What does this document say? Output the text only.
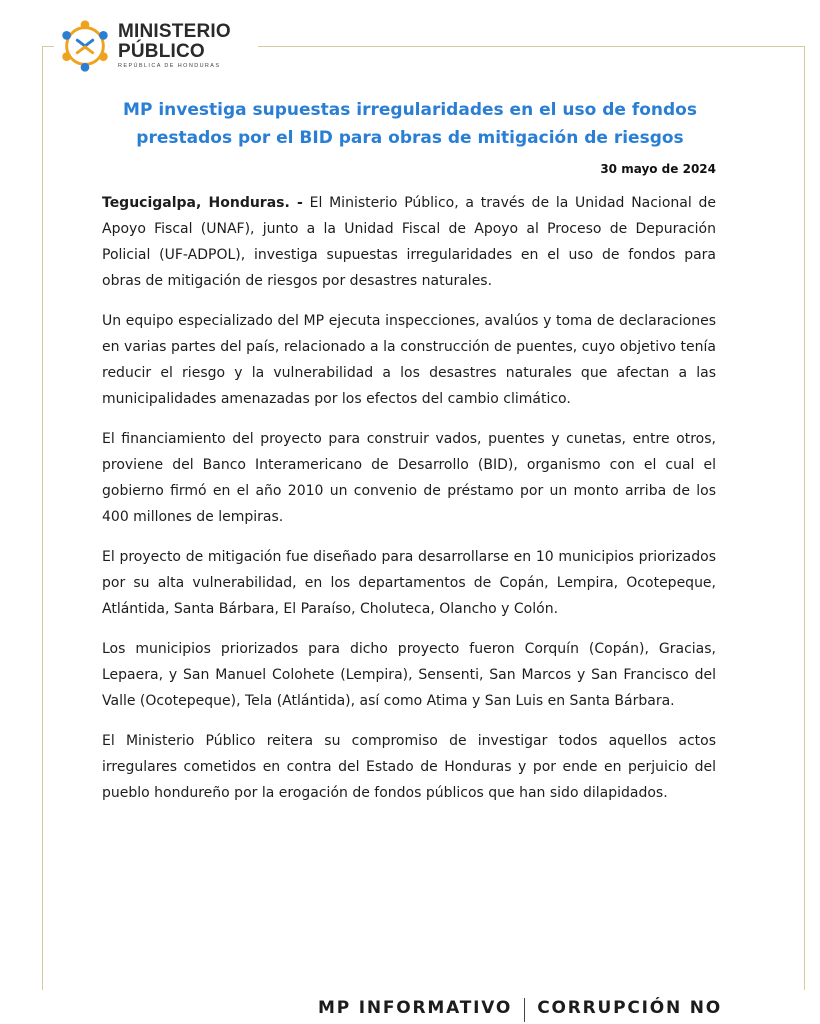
MINISTERIO
PÚBLICO
REPÚBLICA DE HONDURAS
MP investiga supuestas irregularidades en el uso de fondos prestados por el BID para obras de mitigación de riesgos
30 mayo de 2024

Tegucigalpa, Honduras. - El Ministerio Público, a través de la Unidad Nacional de Apoyo Fiscal (UNAF), junto a la Unidad Fiscal de Apoyo al Proceso de Depuración Policial (UF-ADPOL), investiga supuestas irregularidades en el uso de fondos para obras de mitigación de riesgos por desastres naturales.

Un equipo especializado del MP ejecuta inspecciones, avalúos y toma de declaraciones en varias partes del país, relacionado a la construcción de puentes, cuyo objetivo tenía reducir el riesgo y la vulnerabilidad a los desastres naturales que afectan a las municipalidades amenazadas por los efectos del cambio climático.

El financiamiento del proyecto para construir vados, puentes y cunetas, entre otros, proviene del Banco Interamericano de Desarrollo (BID), organismo con el cual el gobierno firmó en el año 2010 un convenio de préstamo por un monto arriba de los 400 millones de lempiras.

El proyecto de mitigación fue diseñado para desarrollarse en 10 municipios priorizados por su alta vulnerabilidad, en los departamentos de Copán, Lempira, Ocotepeque, Atlántida, Santa Bárbara, El Paraíso, Choluteca, Olancho y Colón.

Los municipios priorizados para dicho proyecto fueron Corquín (Copán), Gracias, Lepaera, y San Manuel Colohete (Lempira), Sensenti, San Marcos y San Francisco del Valle (Ocotepeque), Tela (Atlántida), así como Atima y San Luis en Santa Bárbara.

El Ministerio Público reitera su compromiso de investigar todos aquellos actos irregulares cometidos en contra del Estado de Honduras y por ende en perjuicio del pueblo hondureño por la erogación de fondos públicos que han sido dilapidados.

MP INFORMATIVO CORRUPCIÓN NO
